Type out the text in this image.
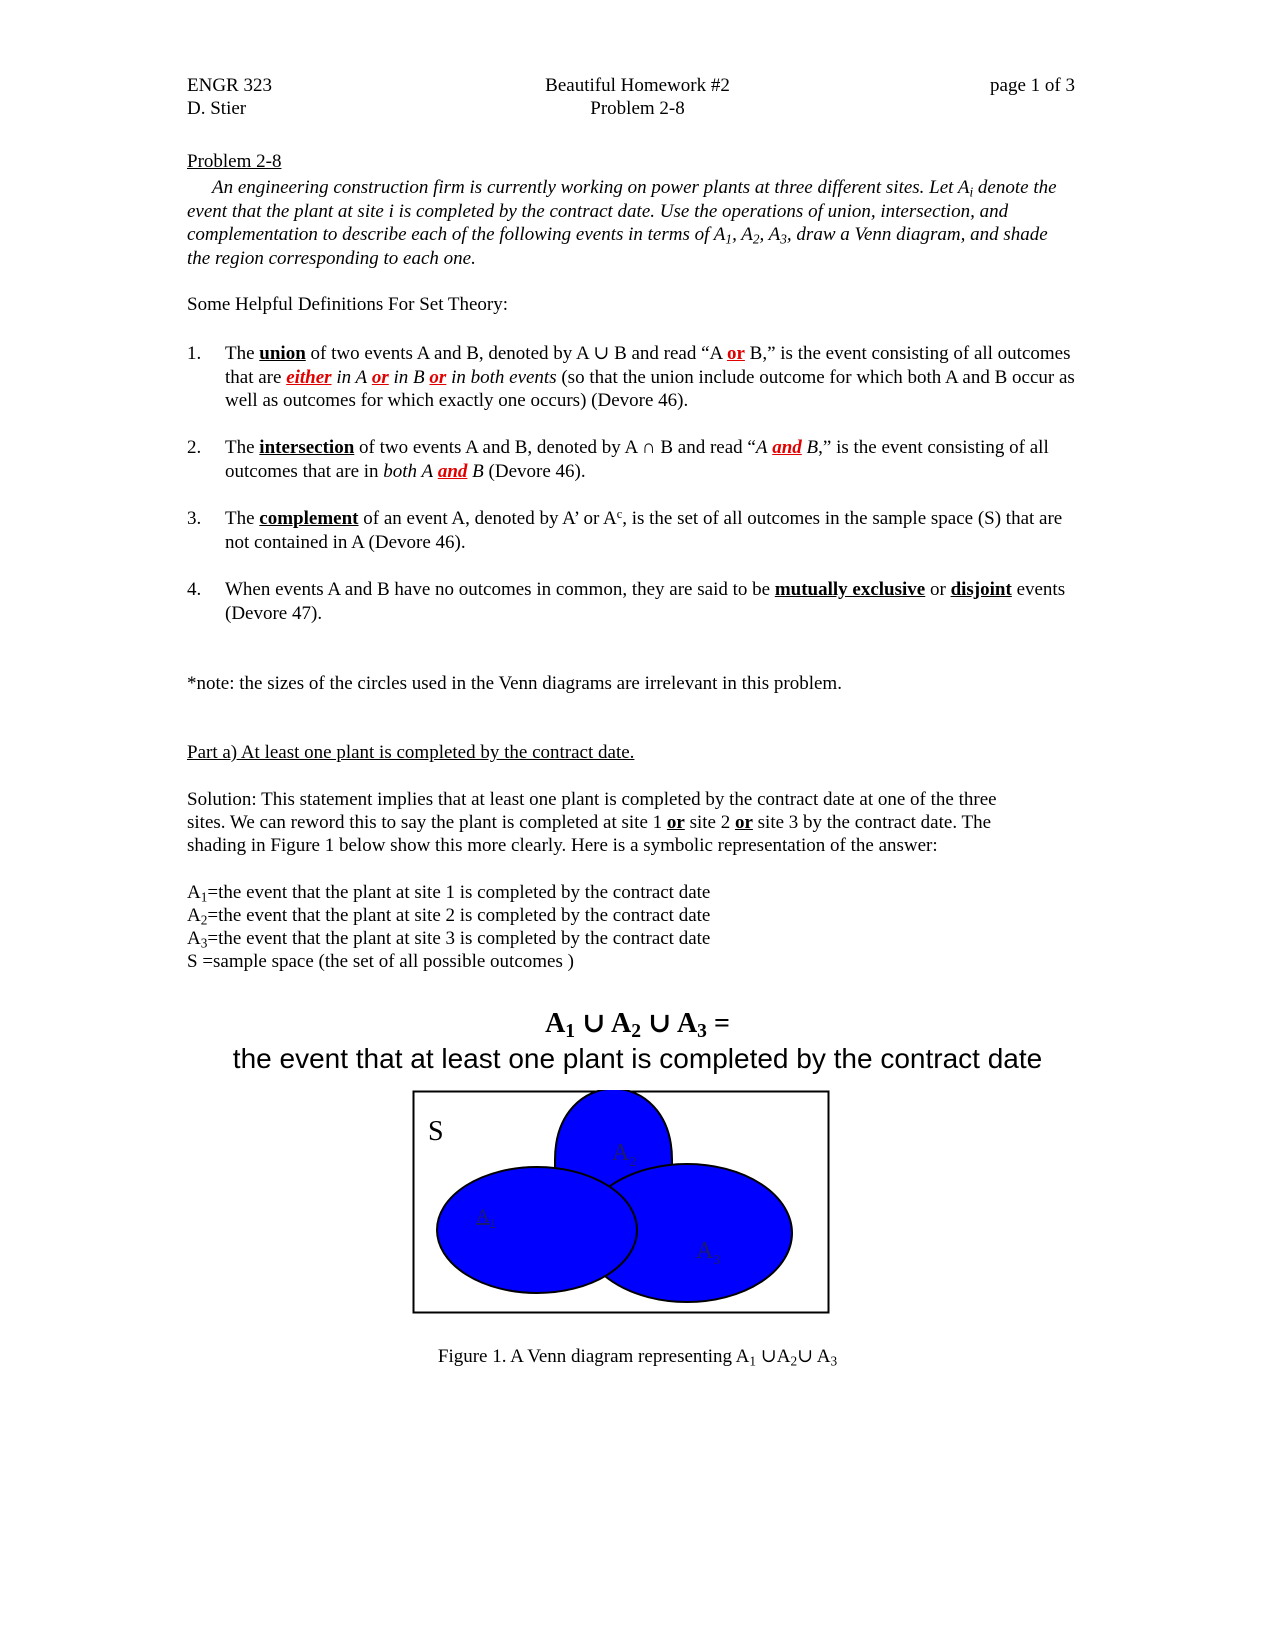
ENGR 323
D. Stier
Beautiful Homework #2
Problem 2-8
page 1 of 3
Problem 2-8
An engineering construction firm is currently working on power plants at three different sites. Let $A_i$ denote the event that the plant at site i is completed by the contract date. Use the operations of union, intersection, and complementation to describe each of the following events in terms of $A_1$, $A_2$, $A_3$, draw a Venn diagram, and shade the region corresponding to each one.
Some Helpful Definitions For Set Theory:
1. The union of two events A and B, denoted by A ∪ B and read “A or B,” is the event consisting of all outcomes that are either in A or in B or in both events (so that the union include outcome for which both A and B occur as well as outcomes for which exactly one occurs) (Devore 46).
2. The intersection of two events A and B, denoted by A ∩ B and read “A and B,” is the event consisting of all outcomes that are in both A and B (Devore 46).
3. The complement of an event A, denoted by A’ or $A^c$, is the set of all outcomes in the sample space (S) that are not contained in A (Devore 46).
4. When events A and B have no outcomes in common, they are said to be mutually exclusive or disjoint events (Devore 47).
*note: the sizes of the circles used in the Venn diagrams are irrelevant in this problem.
Part a) At least one plant is completed by the contract date.
Solution: This statement implies that at least one plant is completed by the contract date at one of the three
sites. We can reword this to say the plant is completed at site 1 or site 2 or site 3 by the contract date. The
shading in Figure 1 below show this more clearly. Here is a symbolic representation of the answer:
$A_1=the$ event that the plant at site 1 is completed by the contract date
$A_2=the$ event that the plant at site 2 is completed by the contract date
$A_3=the$ event that the plant at site 3 is completed by the contract date
S =sample space (the set of all possible outcomes )
$A_1$ ∪ $A_2$ ∪ $A_3$ =
the event that at least one plant is completed by the contract date
S
$A_2$
$A_1$
$A_3$
Figure 1. A Venn diagram representing $A_1$ $\cup A_2\cup$ $A_3$
